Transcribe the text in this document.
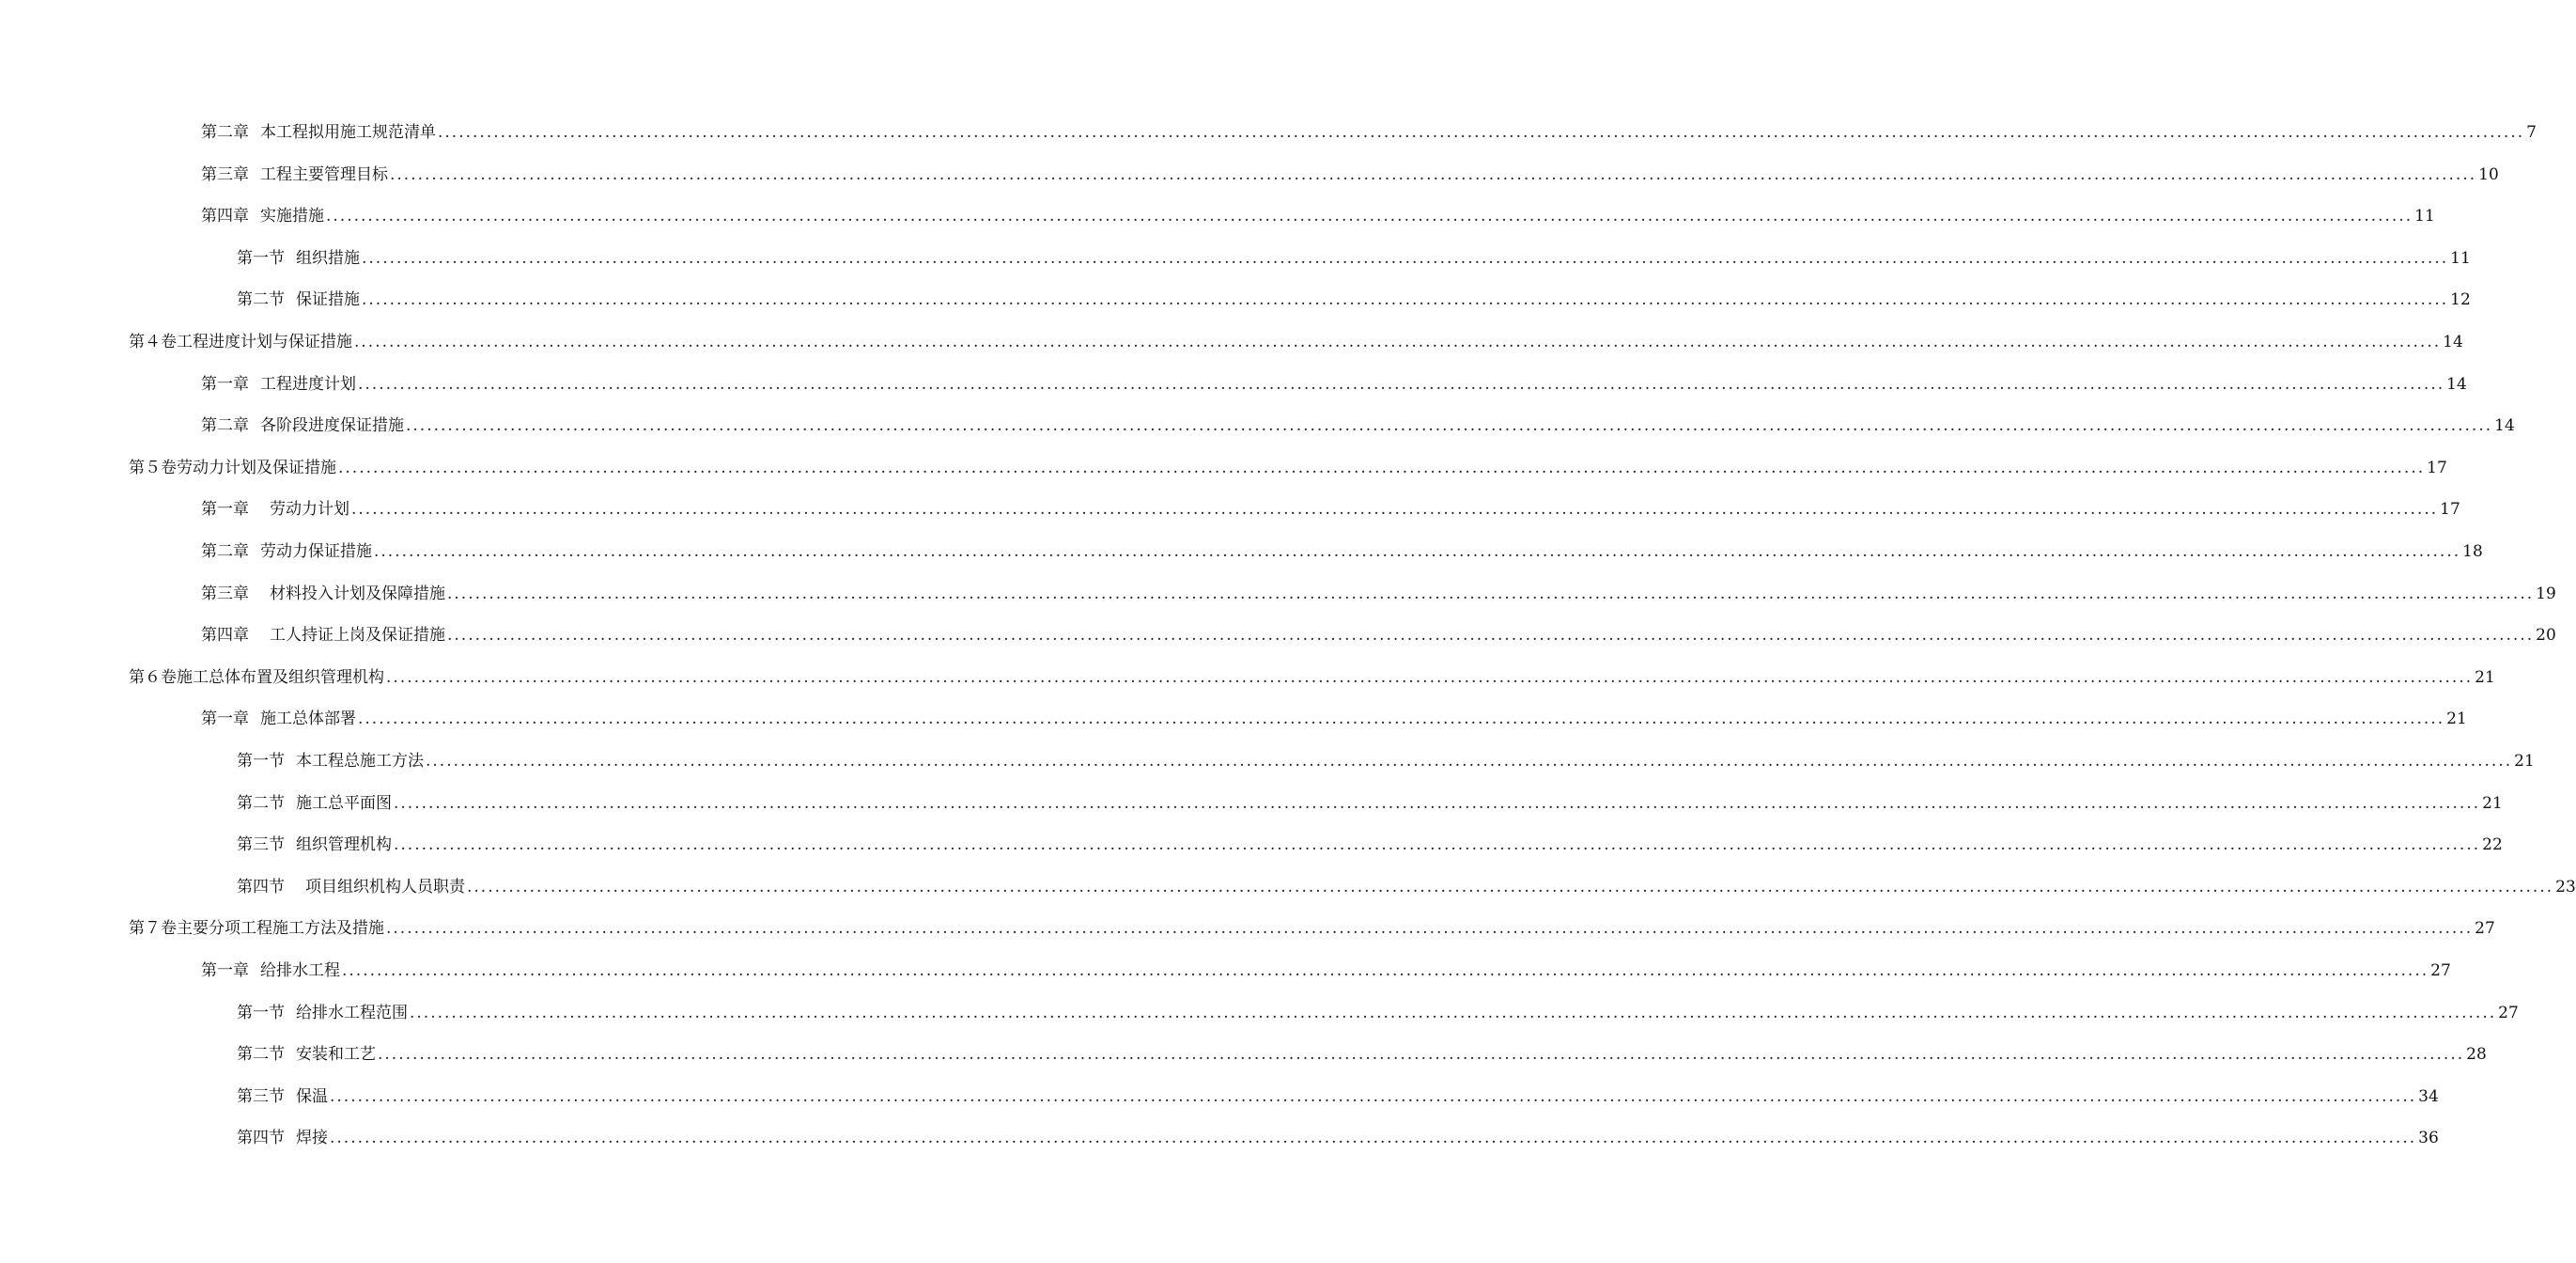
第二章 本工程拟用施工规范清单 ............................................................................................................................................................................................................................................................................................................ 7
第三章 工程主要管理目标 ............................................................................................................................................................................................................................................................................................................ 10
第四章 实施措施 ............................................................................................................................................................................................................................................................................................................ 11
第一节 组织措施 ............................................................................................................................................................................................................................................................................................................ 11
第二节 保证措施 ............................................................................................................................................................................................................................................................................................................ 12
第４卷 工程进度计划与保证措施 ............................................................................................................................................................................................................................................................................................................ 14
第一章 工程进度计划 ............................................................................................................................................................................................................................................................................................................ 14
第二章 各阶段进度保证措施 ............................................................................................................................................................................................................................................................................................................ 14
第５卷 劳动力计划及保证措施 ............................................................................................................................................................................................................................................................................................................ 17
第一章 劳动力计划 ............................................................................................................................................................................................................................................................................................................ 17
第二章 劳动力保证措施 ............................................................................................................................................................................................................................................................................................................ 18
第三章 材料投入计划及保障措施 ............................................................................................................................................................................................................................................................................................................ 19
第四章 工人持证上岗及保证措施 ............................................................................................................................................................................................................................................................................................................ 20
第６卷 施工总体布置及组织管理机构 ............................................................................................................................................................................................................................................................................................................ 21
第一章 施工总体部署 ............................................................................................................................................................................................................................................................................................................ 21
第一节 本工程总施工方法 ............................................................................................................................................................................................................................................................................................................ 21
第二节 施工总平面图 ............................................................................................................................................................................................................................................................................................................ 21
第三节 组织管理机构 ............................................................................................................................................................................................................................................................................................................ 22
第四节 项目组织机构人员职责 ............................................................................................................................................................................................................................................................................................................ 23
第７卷 主要分项工程施工方法及措施 ............................................................................................................................................................................................................................................................................................................ 27
第一章 给排水工程 ............................................................................................................................................................................................................................................................................................................ 27
第一节 给排水工程范围 ............................................................................................................................................................................................................................................................................................................ 27
第二节 安装和工艺 ............................................................................................................................................................................................................................................................................................................ 28
第三节 保温 ............................................................................................................................................................................................................................................................................................................ 34
第四节 焊接 ............................................................................................................................................................................................................................................................................................................ 36
